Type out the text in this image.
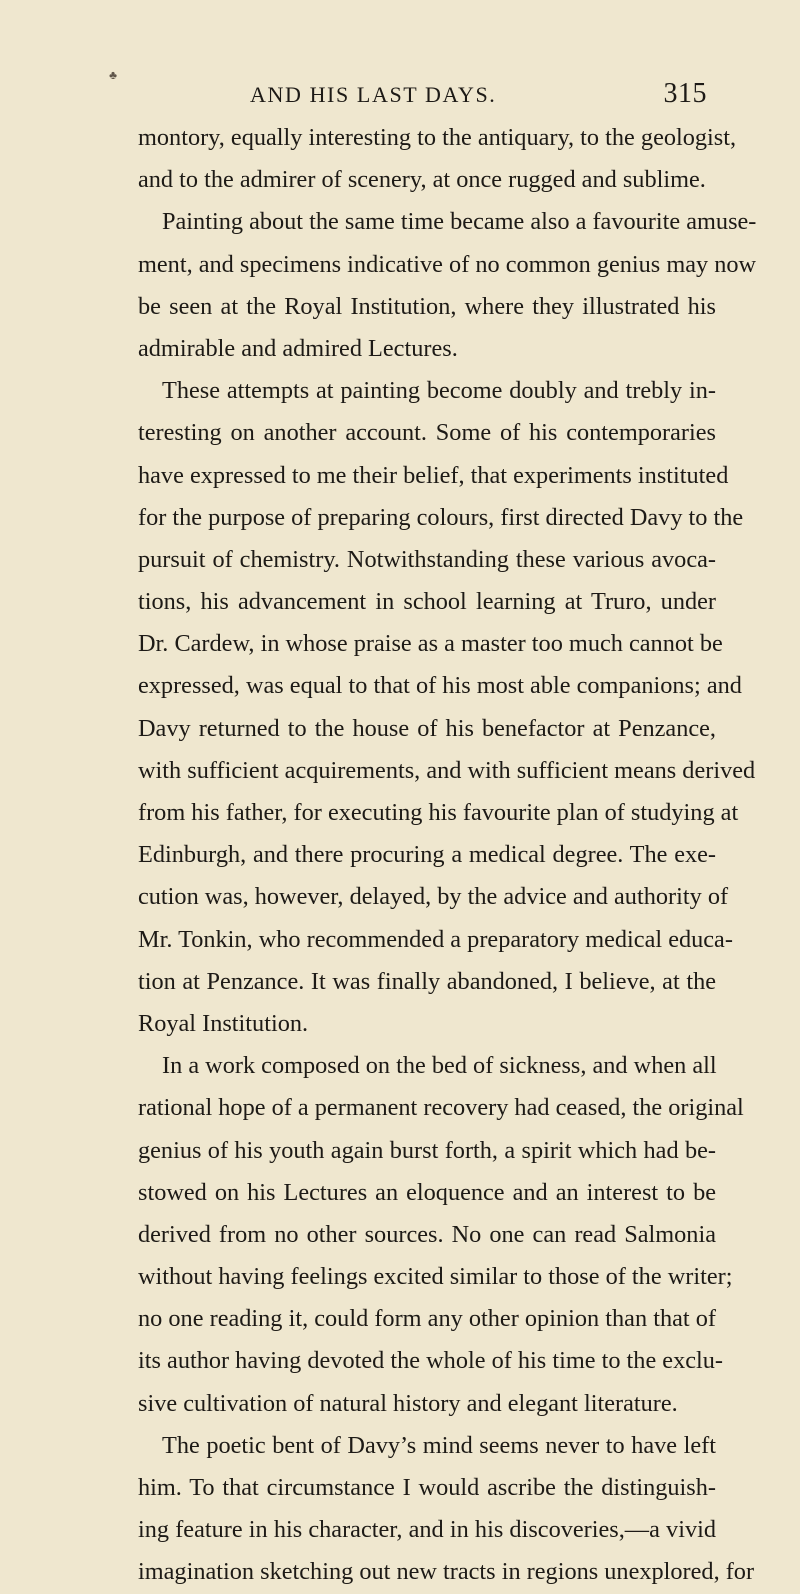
♣
AND HIS LAST DAYS.	315
montory, equally interesting to the antiquary, to the geologist,
and to the admirer of scenery, at once rugged and sublime.
Painting about the same time became also a favourite amuse-
ment, and specimens indicative of no common genius may now
be seen at the Royal Institution, where they illustrated his
admirable and admired Lectures.
These attempts at painting become doubly and trebly in-
teresting on another account. Some of his contemporaries
have expressed to me their belief, that experiments instituted
for the purpose of preparing colours, first directed Davy to the
pursuit of chemistry. Notwithstanding these various avoca-
tions, his advancement in school learning at Truro, under
Dr. Cardew, in whose praise as a master too much cannot be
expressed, was equal to that of his most able companions; and
Davy returned to the house of his benefactor at Penzance,
with sufficient acquirements, and with sufficient means derived
from his father, for executing his favourite plan of studying at
Edinburgh, and there procuring a medical degree. The exe-
cution was, however, delayed, by the advice and authority of
Mr. Tonkin, who recommended a preparatory medical educa-
tion at Penzance. It was finally abandoned, I believe, at the
Royal Institution.
In a work composed on the bed of sickness, and when all
rational hope of a permanent recovery had ceased, the original
genius of his youth again burst forth, a spirit which had be-
stowed on his Lectures an eloquence and an interest to be
derived from no other sources. No one can read Salmonia
without having feelings excited similar to those of the writer;
no one reading it, could form any other opinion than that of
its author having devoted the whole of his time to the exclu-
sive cultivation of natural history and elegant literature.
The poetic bent of Davy’s mind seems never to have left
him. To that circumstance I would ascribe the distinguish-
ing feature in his character, and in his discoveries,—a vivid
imagination sketching out new tracts in regions unexplored, for
